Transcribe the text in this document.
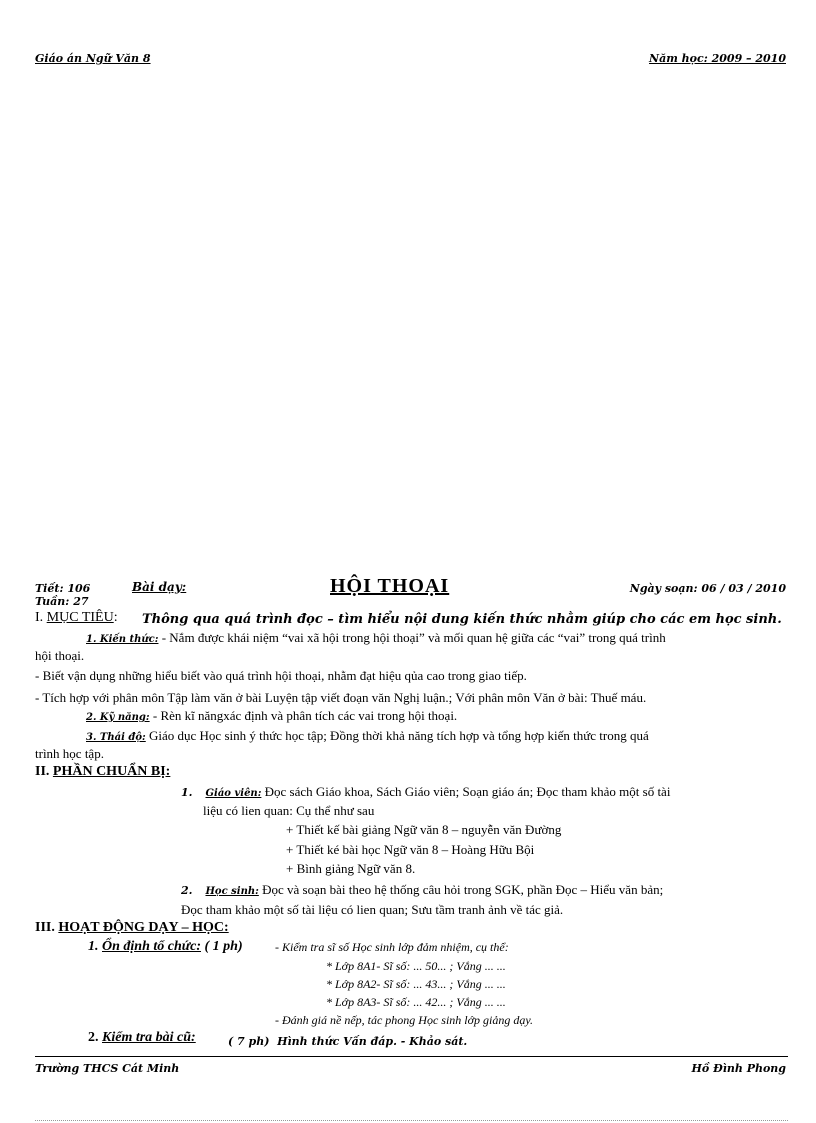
Giáo án Ngữ Văn 8	Năm học: 2009 – 2010
Tiết: 106
Tuần: 27
Bài dạy:	HỘI THOẠI	Ngày soạn: 06 / 03 / 2010
I. MỤC TIÊU: Thông qua quá trình đọc – tìm hiểu nội dung kiến thức nhằm giúp cho các em học sinh.
1. Kiến thức: - Nắm được khái niệm “vai xã hội trong hội thoại” và mối quan hệ giữa các “vai” trong quá trình
hội thoại.
- Biết vận dụng những hiểu biết vào quá trình hội thoại, nhằm đạt hiệu qủa cao trong giao tiếp.
- Tích hợp với phân môn Tập làm văn ở bài Luyện tập viết đoạn văn Nghị luận.; Với phân môn Văn ở bài: Thuế máu.
2. Kỹ năng: - Rèn kĩ năngxác định và phân tích các vai trong hội thoại.
3. Thái độ: Giáo dục Học sinh ý thức học tập; Đồng thời khả năng tích hợp và tổng hợp kiến thức trong quá
trình học tập.
II. PHẦN CHUẨN BỊ:
1. Giáo viên: Đọc sách Giáo khoa, Sách Giáo viên; Soạn giáo án; Đọc tham khảo một số tài
liệu có lien quan: Cụ thể như sau
+ Thiết kế bài giảng Ngữ văn 8 – nguyễn văn Đường
+ Thiết ké bài học Ngữ văn 8 – Hoàng Hữu Bội
+ Bình giảng Ngữ văn 8.
2. Học sinh: Đọc và soạn bài theo hệ thống câu hỏi trong SGK, phần Đọc – Hiểu văn bản;
Đọc tham khảo một số tài liệu có lien quan; Sưu tầm tranh ảnh về tác giả.
III. HOẠT ĐỘNG DẠY – HỌC:
1. Ổn định tổ chức: ( 1 ph)	- Kiểm tra sĩ số Học sinh lớp đảm nhiệm, cụ thể:
* Lớp 8A1- Sĩ số: ... 50... ; Vắng ... ...
* Lớp 8A2- Sĩ số: ... 43... ; Vắng ... ...
* Lớp 8A3- Sĩ số: ... 42... ; Vắng ... ...
- Đánh giá nề nếp, tác phong Học sinh lớp giảng dạy.
2. Kiểm tra bài cũ:	( 7 ph) Hình thức Vấn đáp. - Khảo sát.
Trường THCS Cát Minh	Hồ Đình Phong
